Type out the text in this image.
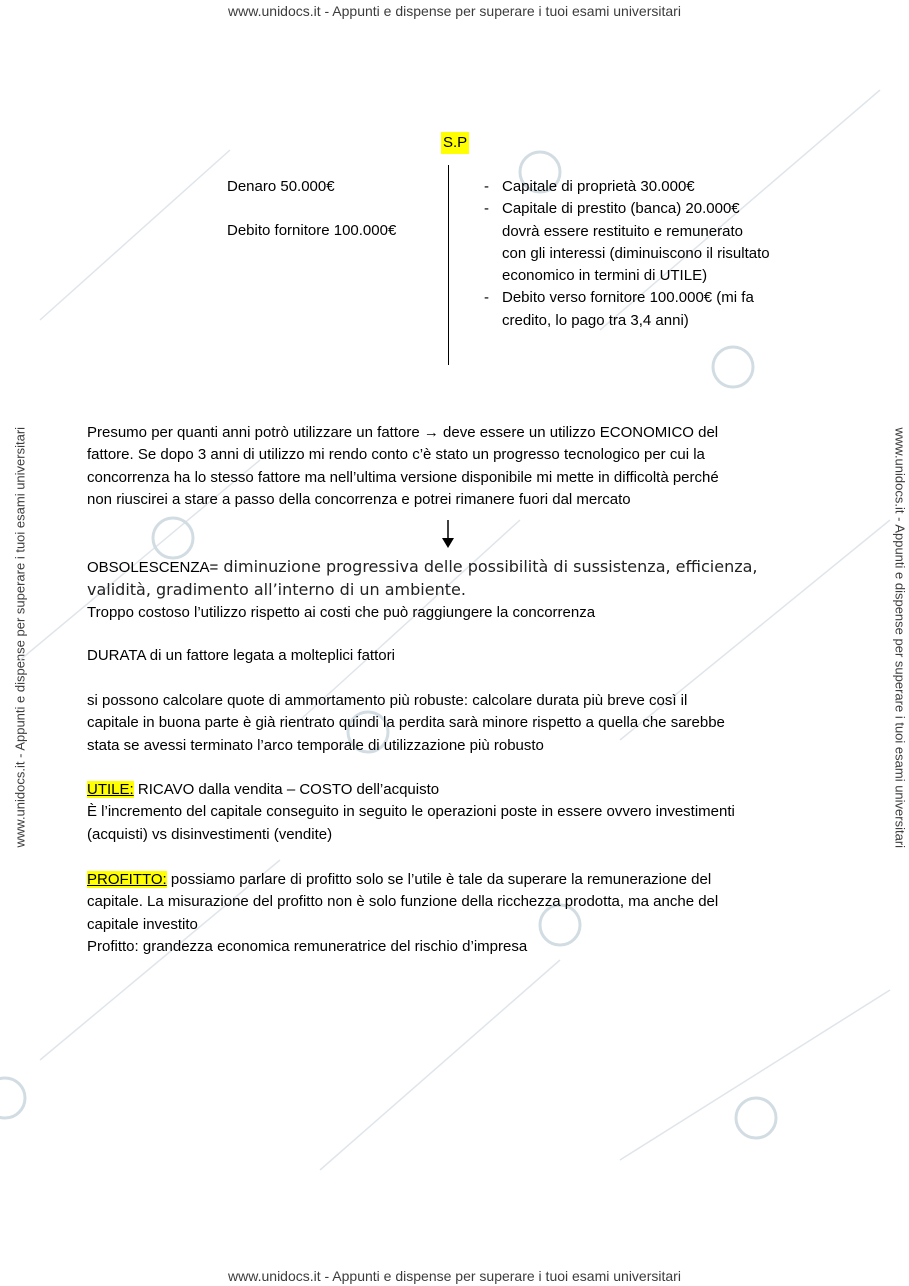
www.unidocs.it - Appunti e dispense per superare i tuoi esami universitari
www.unidocs.it - Appunti e dispense per superare i tuoi esami universitari
www.unidocs.it - Appunti e dispense per superare i tuoi esami universitari	www.unidocs.it - Appunti e dispense per superare i tuoi esami universitari
S.P
Denaro 50.000€
Debito fornitore 100.000€
- Capitale di proprietà 30.000€
- Capitale di prestito (banca) 20.000€
dovrà essere restituito e remunerato
con gli interessi (diminuiscono il risultato
economico in termini di UTILE)
- Debito verso fornitore 100.000€ (mi fa
credito, lo pago tra 3,4 anni)
Presumo per quanti anni potrò utilizzare un fattore → deve essere un utilizzo ECONOMICO del
fattore. Se dopo 3 anni di utilizzo mi rendo conto c’è stato un progresso tecnologico per cui la
concorrenza ha lo stesso fattore ma nell’ultima versione disponibile mi mette in difficoltà perché
non riuscirei a stare a passo della concorrenza e potrei rimanere fuori dal mercato
OBSOLESCENZA= diminuzione progressiva delle possibilità di sussistenza, efficienza,
validità, gradimento all’interno di un ambiente.
Troppo costoso l’utilizzo rispetto ai costi che può raggiungere la concorrenza
DURATA di un fattore legata a molteplici fattori
si possono calcolare quote di ammortamento più robuste: calcolare durata più breve così il
capitale in buona parte è già rientrato quindi la perdita sarà minore rispetto a quella che sarebbe
stata se avessi terminato l’arco temporale di utilizzazione più robusto
UTILE: RICAVO dalla vendita – COSTO dell’acquisto
È l’incremento del capitale conseguito in seguito le operazioni poste in essere ovvero investimenti
(acquisti) vs disinvestimenti (vendite)
PROFITTO: possiamo parlare di profitto solo se l’utile è tale da superare la remunerazione del
capitale. La misurazione del profitto non è solo funzione della ricchezza prodotta, ma anche del
capitale investito
Profitto: grandezza economica remuneratrice del rischio d’impresa
